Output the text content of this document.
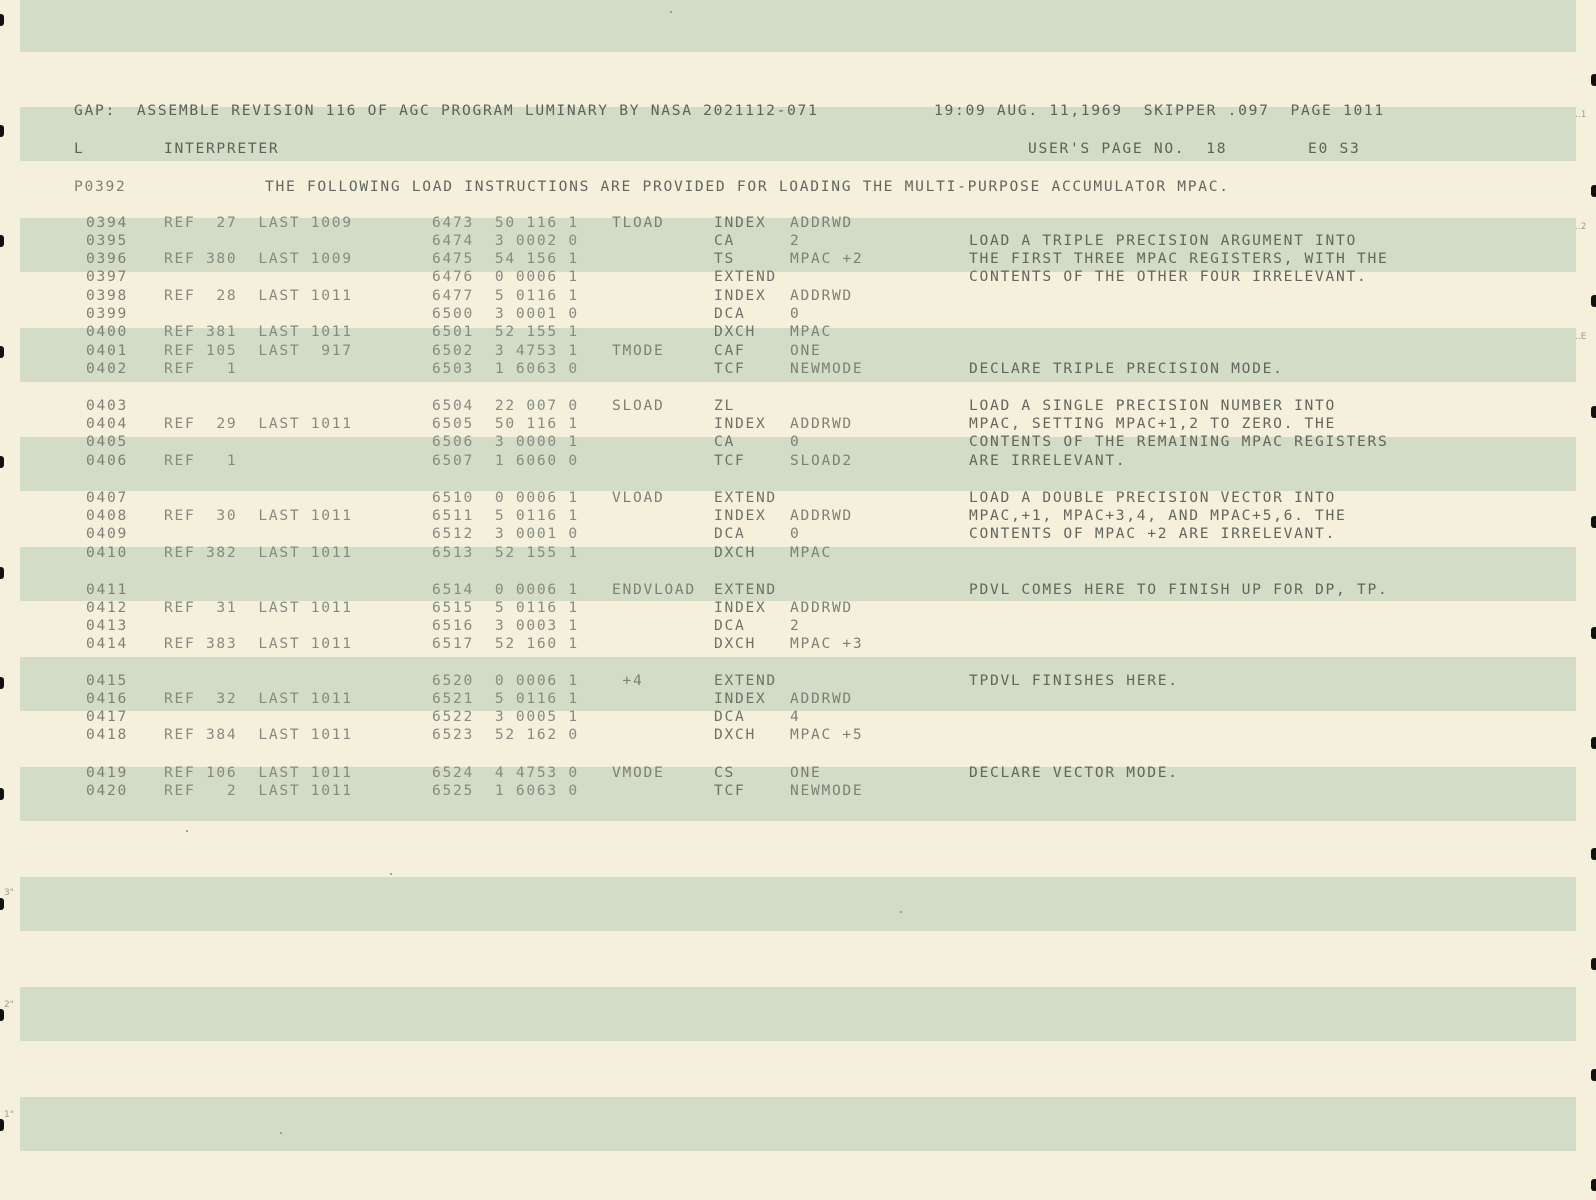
..1
..2
..E
3"
2"
1"
GAP:  ASSEMBLE REVISION 116 OF AGC PROGRAM LUMINARY BY NASA 2021112-071	19:09 AUG. 11,1969  SKIPPER .097  PAGE 1011
L	INTERPRETER	USER'S PAGE NO.  18	E0 S3
P0392	THE FOLLOWING LOAD INSTRUCTIONS ARE PROVIDED FOR LOADING THE MULTI-PURPOSE ACCUMULATOR MPAC.
0394 REF  27  LAST 1009	6473  50 116 1 TLOAD	INDEX ADDRWD
0395	6474  3 0002 0	CA	2	LOAD A TRIPLE PRECISION ARGUMENT INTO
0396 REF 380  LAST 1009	6475  54 156 1	TS	MPAC +2	THE FIRST THREE MPAC REGISTERS, WITH THE
0397	6476  0 0006 1	EXTEND	CONTENTS OF THE OTHER FOUR IRRELEVANT.
0398 REF  28  LAST 1011	6477  5 0116 1	INDEX ADDRWD
0399	6500  3 0001 0	DCA	0
0400 REF 381  LAST 1011	6501  52 155 1	DXCH MPAC
0401 REF 105  LAST  917	6502  3 4753 1 TMODE	CAF	ONE
0402 REF   1	6503  1 6063 0	TCF	NEWMODE	DECLARE TRIPLE PRECISION MODE.
0403	6504  22 007 0 SLOAD	ZL	LOAD A SINGLE PRECISION NUMBER INTO
0404 REF  29  LAST 1011	6505  50 116 1	INDEX ADDRWD	MPAC, SETTING MPAC+1,2 TO ZERO. THE
0405	6506  3 0000 1	CA	0	CONTENTS OF THE REMAINING MPAC REGISTERS
0406 REF   1	6507  1 6060 0	TCF	SLOAD2	ARE IRRELEVANT.
0407	6510  0 0006 1 VLOAD	EXTEND	LOAD A DOUBLE PRECISION VECTOR INTO
0408 REF  30  LAST 1011	6511  5 0116 1	INDEX ADDRWD	MPAC,+1, MPAC+3,4, AND MPAC+5,6. THE
0409	6512  3 0001 0	DCA	0	CONTENTS OF MPAC +2 ARE IRRELEVANT.
0410 REF 382  LAST 1011	6513  52 155 1	DXCH MPAC
0411	6514  0 0006 1 ENDVLOAD EXTEND	PDVL COMES HERE TO FINISH UP FOR DP, TP.
0412 REF  31  LAST 1011	6515  5 0116 1	INDEX ADDRWD
0413	6516  3 0003 1	DCA	2
0414 REF 383  LAST 1011	6517  52 160 1	DXCH MPAC +3
0415	6520  0 0006 1 +4	EXTEND	TPDVL FINISHES HERE.
0416 REF  32  LAST 1011	6521  5 0116 1	INDEX ADDRWD
0417	6522  3 0005 1	DCA	4
0418 REF 384  LAST 1011	6523  52 162 0	DXCH MPAC +5
0419 REF 106  LAST 1011	6524  4 4753 0 VMODE	CS	ONE	DECLARE VECTOR MODE.
0420 REF   2  LAST 1011	6525  1 6063 0	TCF	NEWMODE
